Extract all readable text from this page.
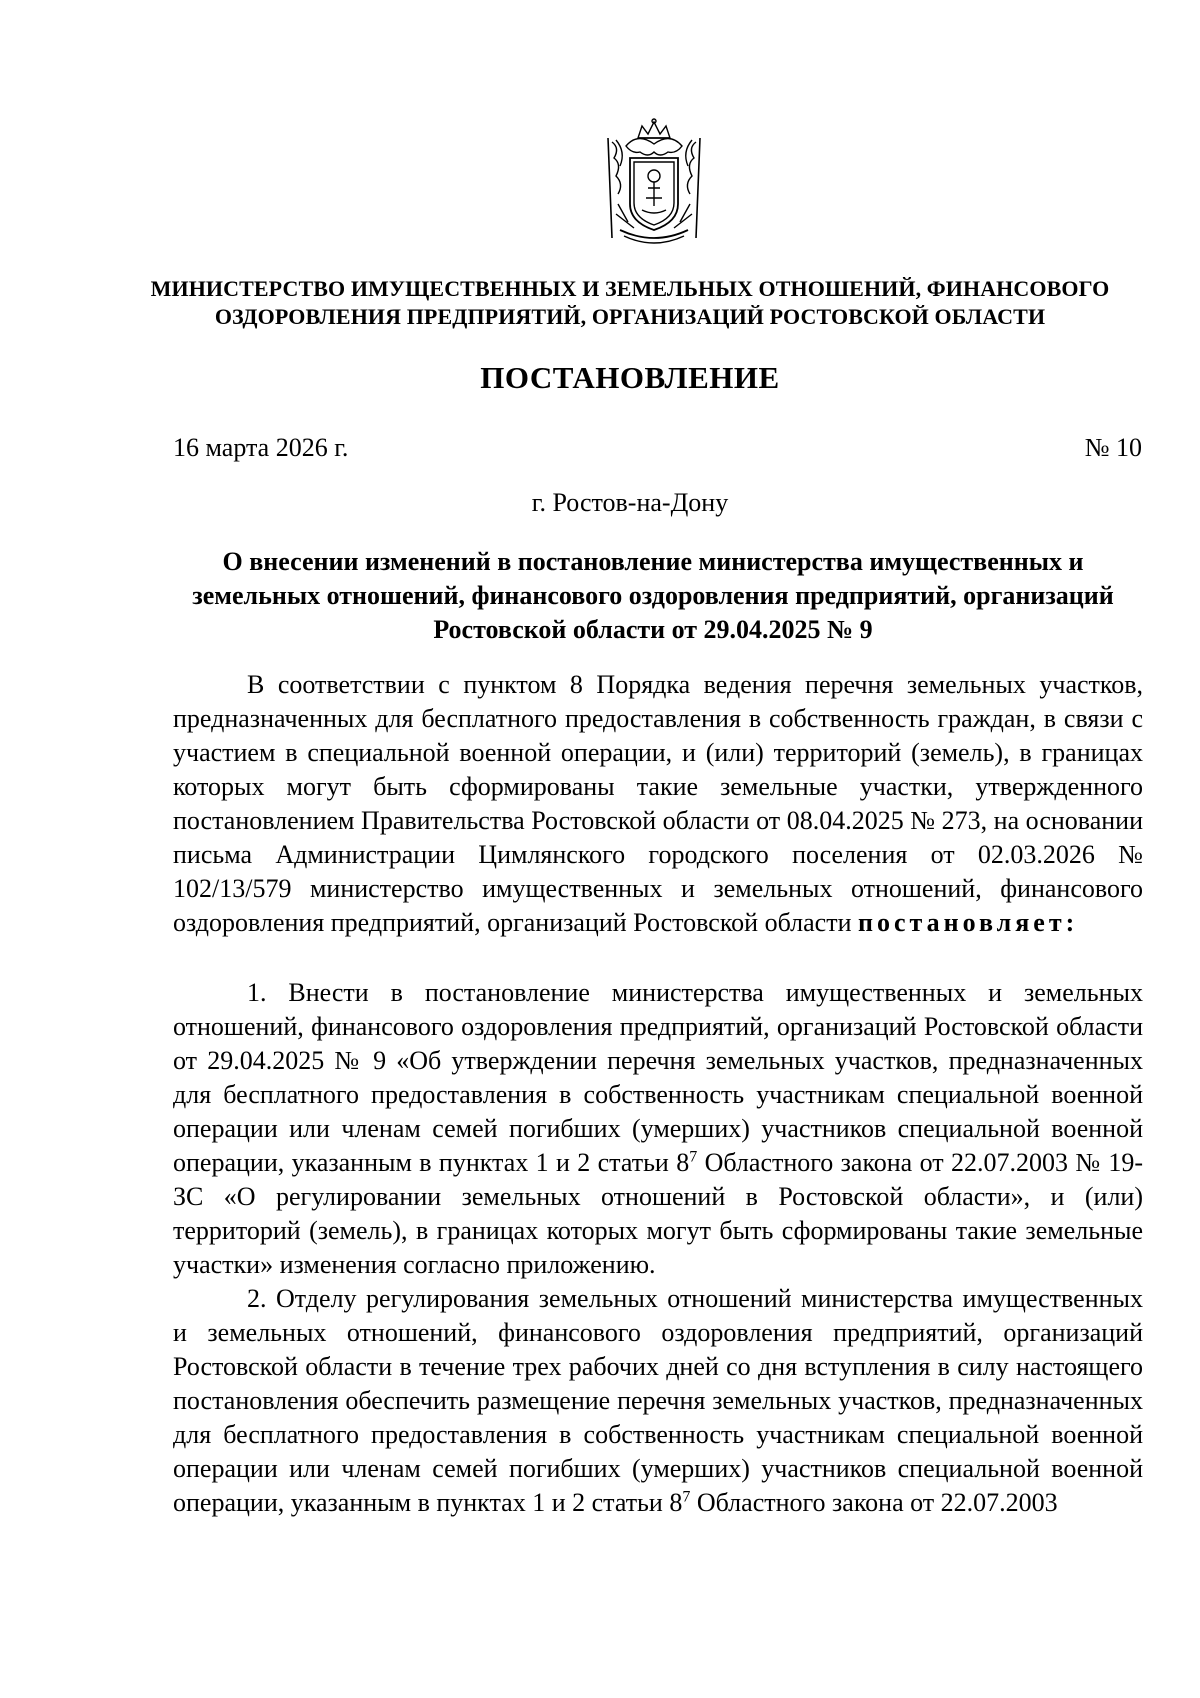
МИНИСТЕРСТВО ИМУЩЕСТВЕННЫХ И ЗЕМЕЛЬНЫХ ОТНОШЕНИЙ, ФИНАНСОВОГО ОЗДОРОВЛЕНИЯ ПРЕДПРИЯТИЙ, ОРГАНИЗАЦИЙ РОСТОВСКОЙ ОБЛАСТИ
ПОСТАНОВЛЕНИЕ
16 марта 2026 г.	№ 10
г. Ростов-на-Дону
О внесении изменений в постановление министерства имущественных и земельных отношений, финансового оздоровления предприятий, организаций Ростовской области от 29.04.2025 № 9

В соответствии с пунктом 8 Порядка ведения перечня земельных участков, предназначенных для бесплатного предоставления в собственность граждан, в связи с участием в специальной военной операции, и (или) территорий (земель), в границах которых могут быть сформированы такие земельные участки, утвержденного постановлением Правительства Ростовской области от 08.04.2025 № 273, на основании письма Администрации Цимлянского городского поселения от 02.03.2026 № 102/13/579 министерство имущественных и земельных отношений, финансового оздоровления предприятий, организаций Ростовской области постановляет:

1. Внести в постановление министерства имущественных и земельных отношений, финансового оздоровления предприятий, организаций Ростовской области от 29.04.2025 № 9 «Об утверждении перечня земельных участков, предназначенных для бесплатного предоставления в собственность участникам специальной военной операции или членам семей погибших (умерших) участников специальной военной операции, указанным в пунктах 1 и 2 статьи $8^7$ Областного закона от 22.07.2003 № 19-ЗС «О регулировании земельных отношений в Ростовской области», и (или) территорий (земель), в границах которых могут быть сформированы такие земельные участки» изменения согласно приложению.

2. Отделу регулирования земельных отношений министерства имущественных и земельных отношений, финансового оздоровления предприятий, организаций Ростовской области в течение трех рабочих дней со дня вступления в силу настоящего постановления обеспечить размещение перечня земельных участков, предназначенных для бесплатного предоставления в собственность участникам специальной военной операции или членам семей погибших (умерших) участников специальной военной операции, указанным в пунктах 1 и 2 статьи $8^7$ Областного закона от 22.07.2003
